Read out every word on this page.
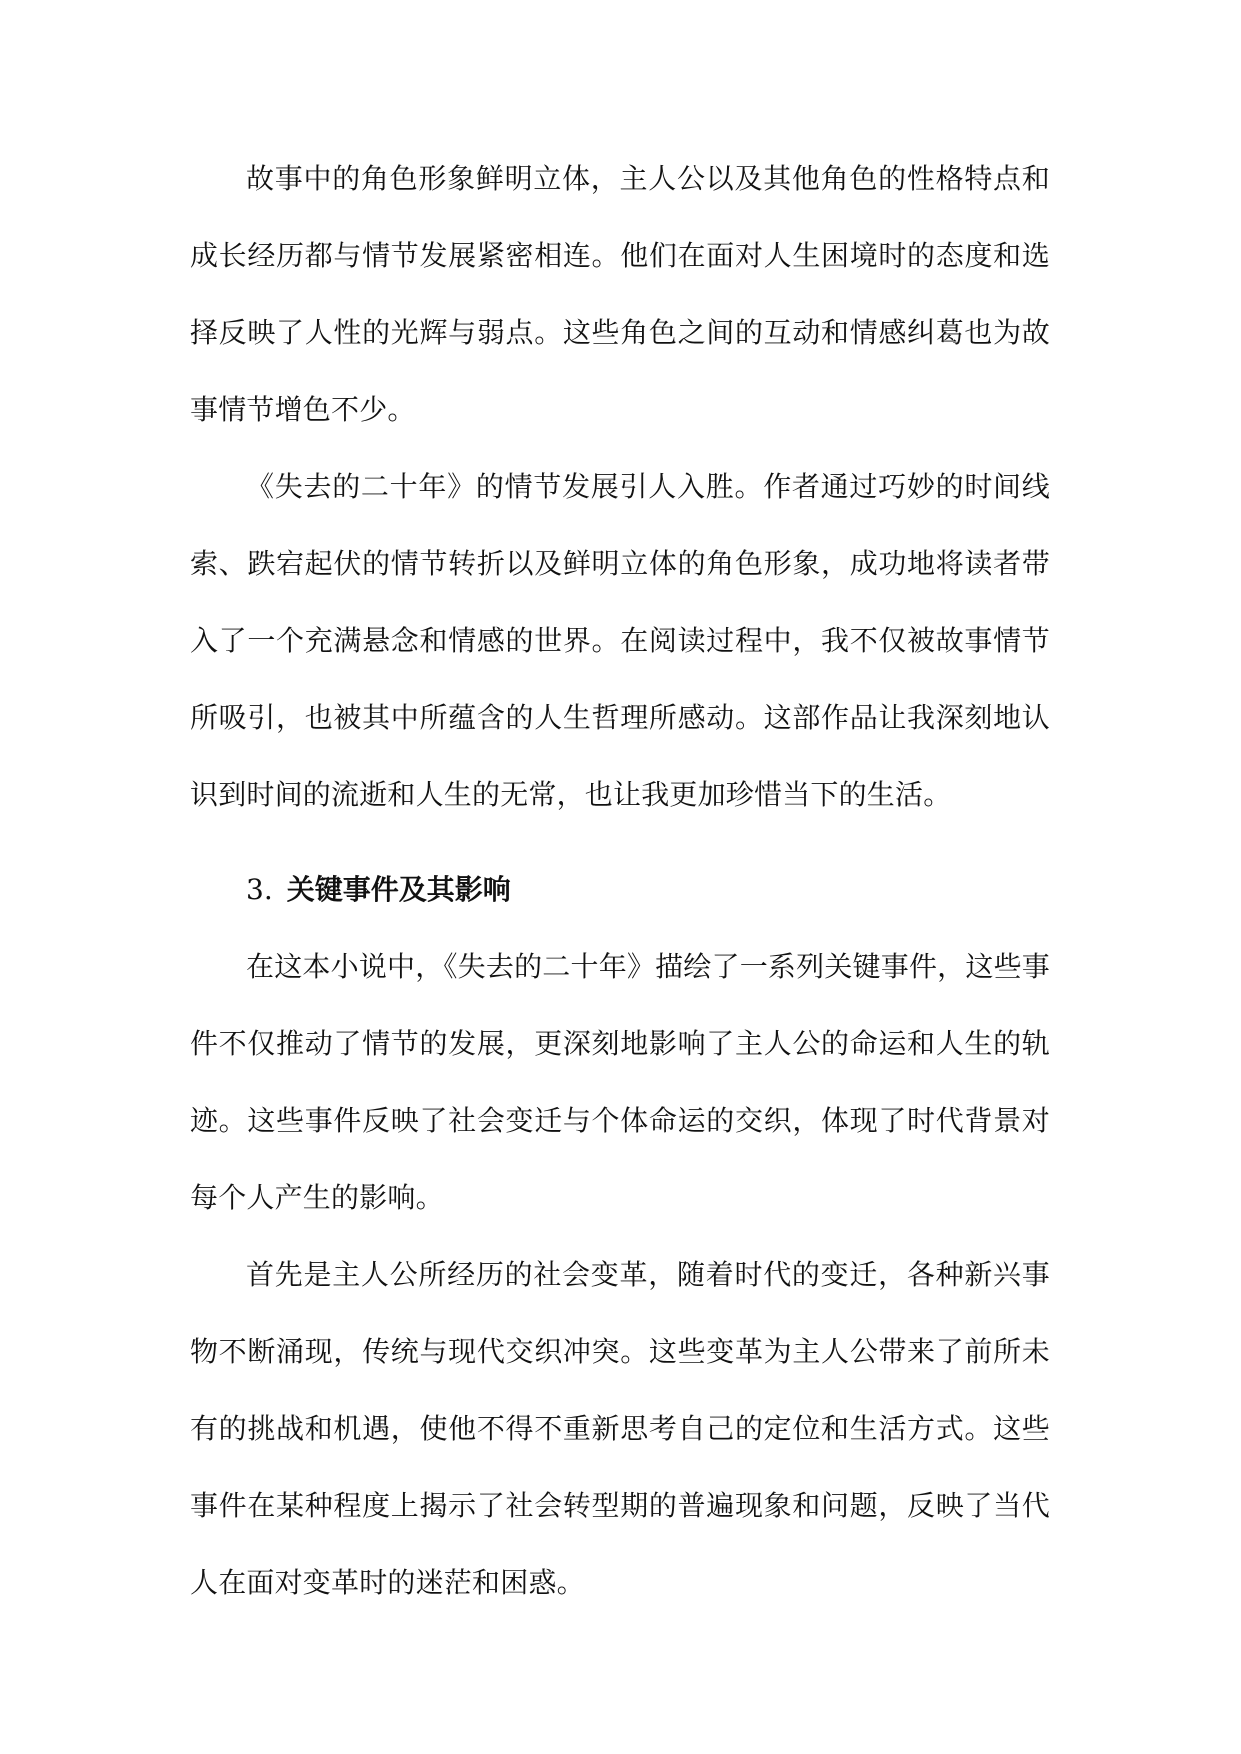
故事中的角色形象鲜明立体，主人公以及其他角色的性格特点和成长经历都与情节发展紧密相连。他们在面对人生困境时的态度和选择反映了人性的光辉与弱点。这些角色之间的互动和情感纠葛也为故事情节增色不少。

《失去的二十年》的情节发展引人入胜。作者通过巧妙的时间线索、跌宕起伏的情节转折以及鲜明立体的角色形象，成功地将读者带入了一个充满悬念和情感的世界。在阅读过程中，我不仅被故事情节所吸引，也被其中所蕴含的人生哲理所感动。这部作品让我深刻地认识到时间的流逝和人生的无常，也让我更加珍惜当下的生活。

3. 关键事件及其影响

在这本小说中，《失去的二十年》描绘了一系列关键事件，这些事件不仅推动了情节的发展，更深刻地影响了主人公的命运和人生的轨迹。这些事件反映了社会变迁与个体命运的交织，体现了时代背景对每个人产生的影响。

首先是主人公所经历的社会变革，随着时代的变迁，各种新兴事物不断涌现，传统与现代交织冲突。这些变革为主人公带来了前所未有的挑战和机遇，使他不得不重新思考自己的定位和生活方式。这些事件在某种程度上揭示了社会转型期的普遍现象和问题，反映了当代人在面对变革时的迷茫和困惑。
